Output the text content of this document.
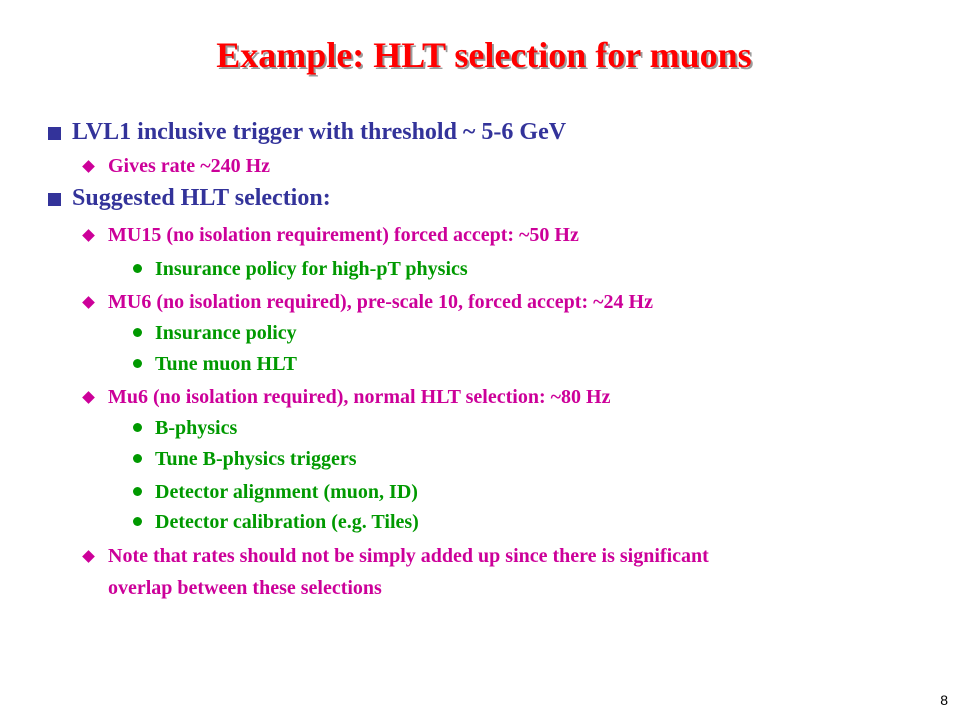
Example: HLT selection for muons
LVL1 inclusive trigger with threshold ~ 5-6 GeV
Gives rate ~240 Hz
Suggested HLT selection:
MU15 (no isolation requirement) forced accept: ~50 Hz
Insurance policy for high-pT physics
MU6 (no isolation required), pre-scale 10, forced accept: ~24 Hz
Insurance policy
Tune muon HLT
Mu6 (no isolation required), normal HLT selection: ~80 Hz
B-physics
Tune B-physics triggers
Detector alignment (muon, ID)
Detector calibration (e.g. Tiles)
Note that rates should not be simply added up since there is significant
overlap between these selections
8
